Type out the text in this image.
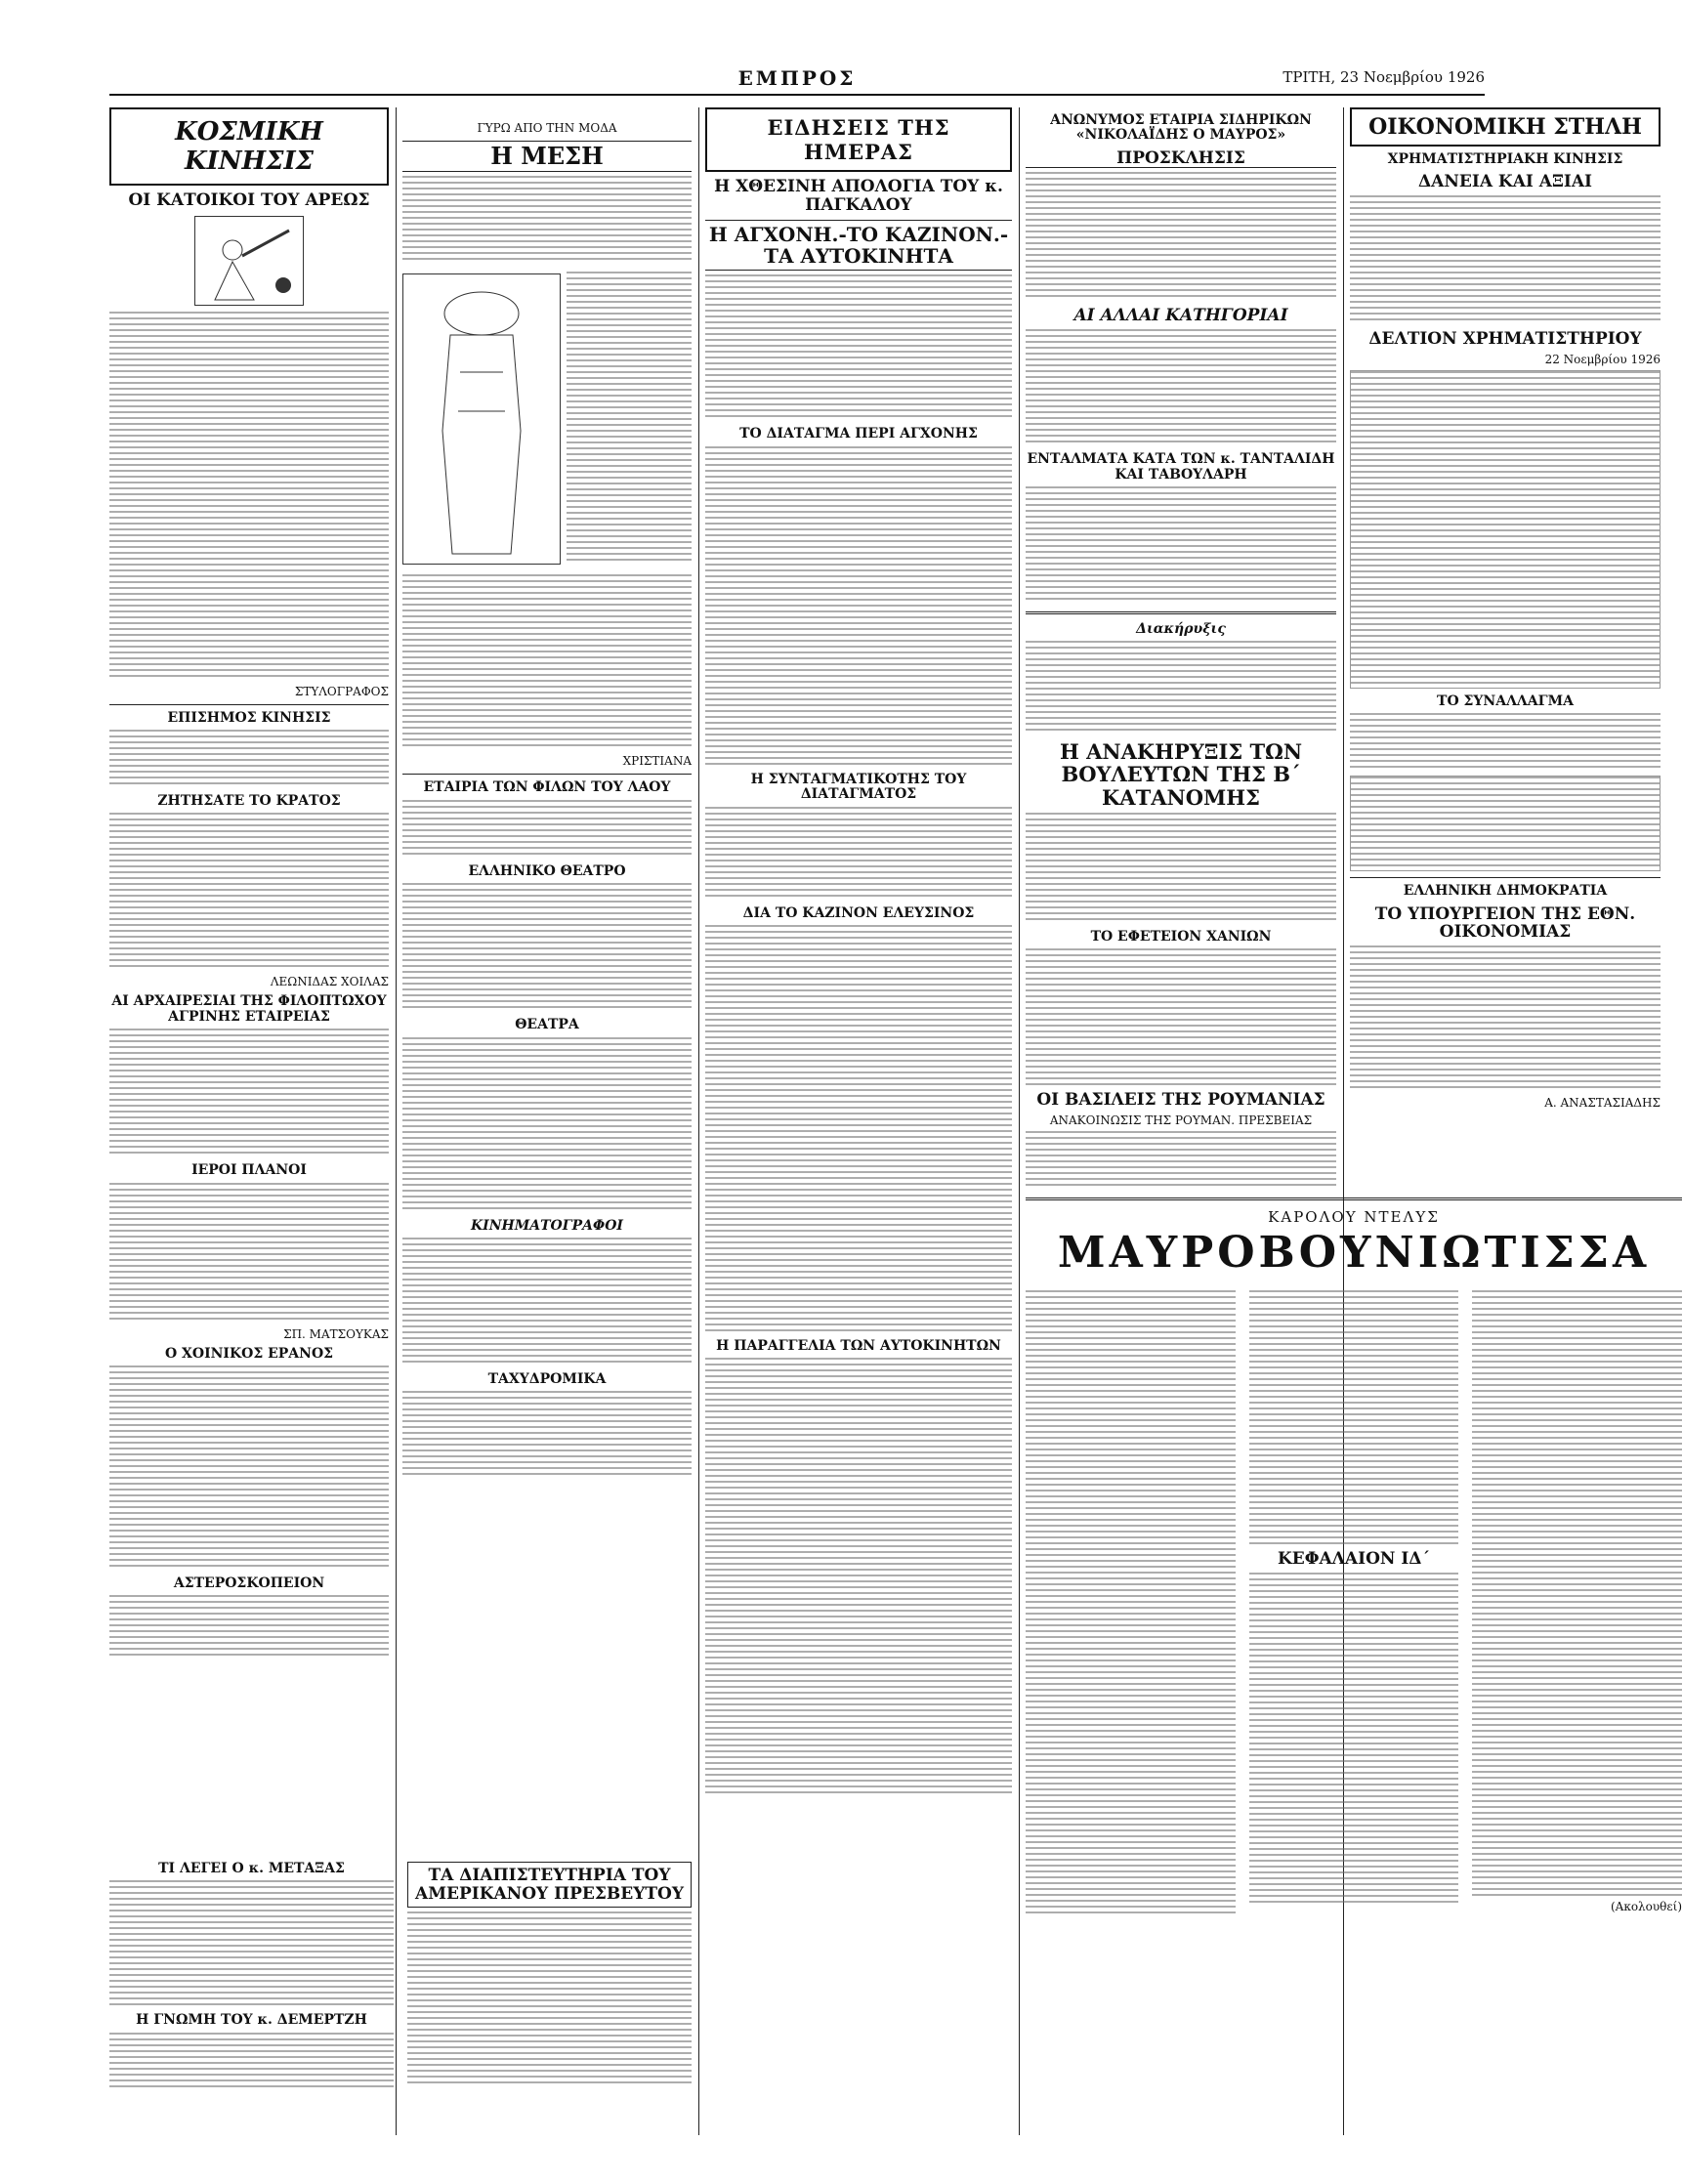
ΕΜΠΡΟΣ	ΤΡΙΤΗ, 23 Νοεμβρίου 1926
ΚΟΣΜΙΚΗ ΚΙΝΗΣΙΣ
ΟΙ ΚΑΤΟΙΚΟΙ ΤΟΥ ΑΡΕΩΣ
ΣΤΥΛΟΓΡΑΦΟΣ
ΕΠΙΣΗΜΟΣ ΚΙΝΗΣΙΣ
ΖΗΤΗΣΑΤΕ ΤΟ ΚΡΑΤΟΣ
ΛΕΩΝΙΔΑΣ ΧΟΙΛΑΣ
ΑΙ ΑΡΧΑΙΡΕΣΙΑΙ ΤΗΣ ΦΙΛΟΠΤΩΧΟΥ ΑΓΡΙΝΗΣ ΕΤΑΙΡΕΙΑΣ
ΙΕΡΟΙ ΠΛΑΝΟΙ
ΣΠ. ΜΑΤΣΟΥΚΑΣ
Ο ΧΟΙΝΙΚΟΣ ΕΡΑΝΟΣ
ΑΣΤΕΡΟΣΚΟΠΕΙΟΝ
ΓΥΡΩ ΑΠΟ ΤΗΝ ΜΟΔΑ
Η ΜΕΣΗ
ΧΡΙΣΤΙΑΝΑ
ΕΤΑΙΡΙΑ ΤΩΝ ΦΙΛΩΝ ΤΟΥ ΛΑΟΥ
ΕΛΛΗΝΙΚΟ ΘΕΑΤΡΟ
ΘΕΑΤΡΑ
ΚΙΝΗΜΑΤΟΓΡΑΦΟΙ
ΤΑΧΥΔΡΟΜΙΚΑ
ΕΙΔΗΣΕΙΣ ΤΗΣ ΗΜΕΡΑΣ
Η ΧΘΕΣΙΝΗ ΑΠΟΛΟΓΙΑ ΤΟΥ κ. ΠΑΓΚΑΛΟΥ
Η ΑΓΧΟΝΗ.-ΤΟ ΚΑΖΙΝΟΝ.-ΤΑ ΑΥΤΟΚΙΝΗΤΑ
ΤΟ ΔΙΑΤΑΓΜΑ ΠΕΡΙ ΑΓΧΟΝΗΣ
Η ΣΥΝΤΑΓΜΑΤΙΚΟΤΗΣ ΤΟΥ ΔΙΑΤΑΓΜΑΤΟΣ
ΔΙΑ ΤΟ ΚΑΖΙΝΟΝ ΕΛΕΥΣΙΝΟΣ
Η ΠΑΡΑΓΓΕΛΙΑ ΤΩΝ ΑΥΤΟΚΙΝΗΤΩΝ
ΑΝΩΝΥΜΟΣ ΕΤΑΙΡΙΑ ΣΙΔΗΡΙΚΩΝ «ΝΙΚΟΛΑΪΔΗΣ Ο ΜΑΥΡΟΣ»
ΠΡΟΣΚΛΗΣΙΣ
ΑΙ ΑΛΛΑΙ ΚΑΤΗΓΟΡΙΑΙ
ΕΝΤΑΛΜΑΤΑ ΚΑΤΑ ΤΩΝ κ. ΤΑΝΤΑΛΙΔΗ ΚΑΙ ΤΑΒΟΥΛΑΡΗ
Διακήρυξις
Η ΑΝΑΚΗΡΥΞΙΣ ΤΩΝ ΒΟΥΛΕΥΤΩΝ ΤΗΣ Β΄ ΚΑΤΑΝΟΜΗΣ
ΤΟ ΕΦΕΤΕΙΟΝ ΧΑΝΙΩΝ
ΟΙ ΒΑΣΙΛΕΙΣ ΤΗΣ ΡΟΥΜΑΝΙΑΣ
ΑΝΑΚΟΙΝΩΣΙΣ ΤΗΣ ΡΟΥΜΑΝ. ΠΡΕΣΒΕΙΑΣ
ΟΙΚΟΝΟΜΙΚΗ ΣΤΗΛΗ
ΧΡΗΜΑΤΙΣΤΗΡΙΑΚΗ ΚΙΝΗΣΙΣ
ΔΑΝΕΙΑ ΚΑΙ ΑΞΙΑΙ
ΔΕΛΤΙΟΝ ΧΡΗΜΑΤΙΣΤΗΡΙΟΥ
22 Νοεμβρίου 1926
ΤΟ ΣΥΝΑΛΛΑΓΜΑ
ΕΛΛΗΝΙΚΗ ΔΗΜΟΚΡΑΤΙΑ
ΤΟ ΥΠΟΥΡΓΕΙΟΝ ΤΗΣ ΕΘΝ. ΟΙΚΟΝΟΜΙΑΣ
Α. ΑΝΑΣΤΑΣΙΑΔΗΣ
ΚΑΡΟΛΟΥ ΝΤΕΛΥΣ
ΜΑΥΡΟΒΟΥΝΙΩΤΙΣΣΑ
ΚΕΦΑΛΑΙΟΝ ΙΔ΄
(Ακολουθεί)
ΤΙ ΛΕΓΕΙ Ο κ. ΜΕΤΑΞΑΣ
Η ΓΝΩΜΗ ΤΟΥ κ. ΔΕΜΕΡΤΖΗ
ΤΑ ΔΙΑΠΙΣΤΕΥΤΗΡΙΑ ΤΟΥ ΑΜΕΡΙΚΑΝΟΥ ΠΡΕΣΒΕΥΤΟΥ
